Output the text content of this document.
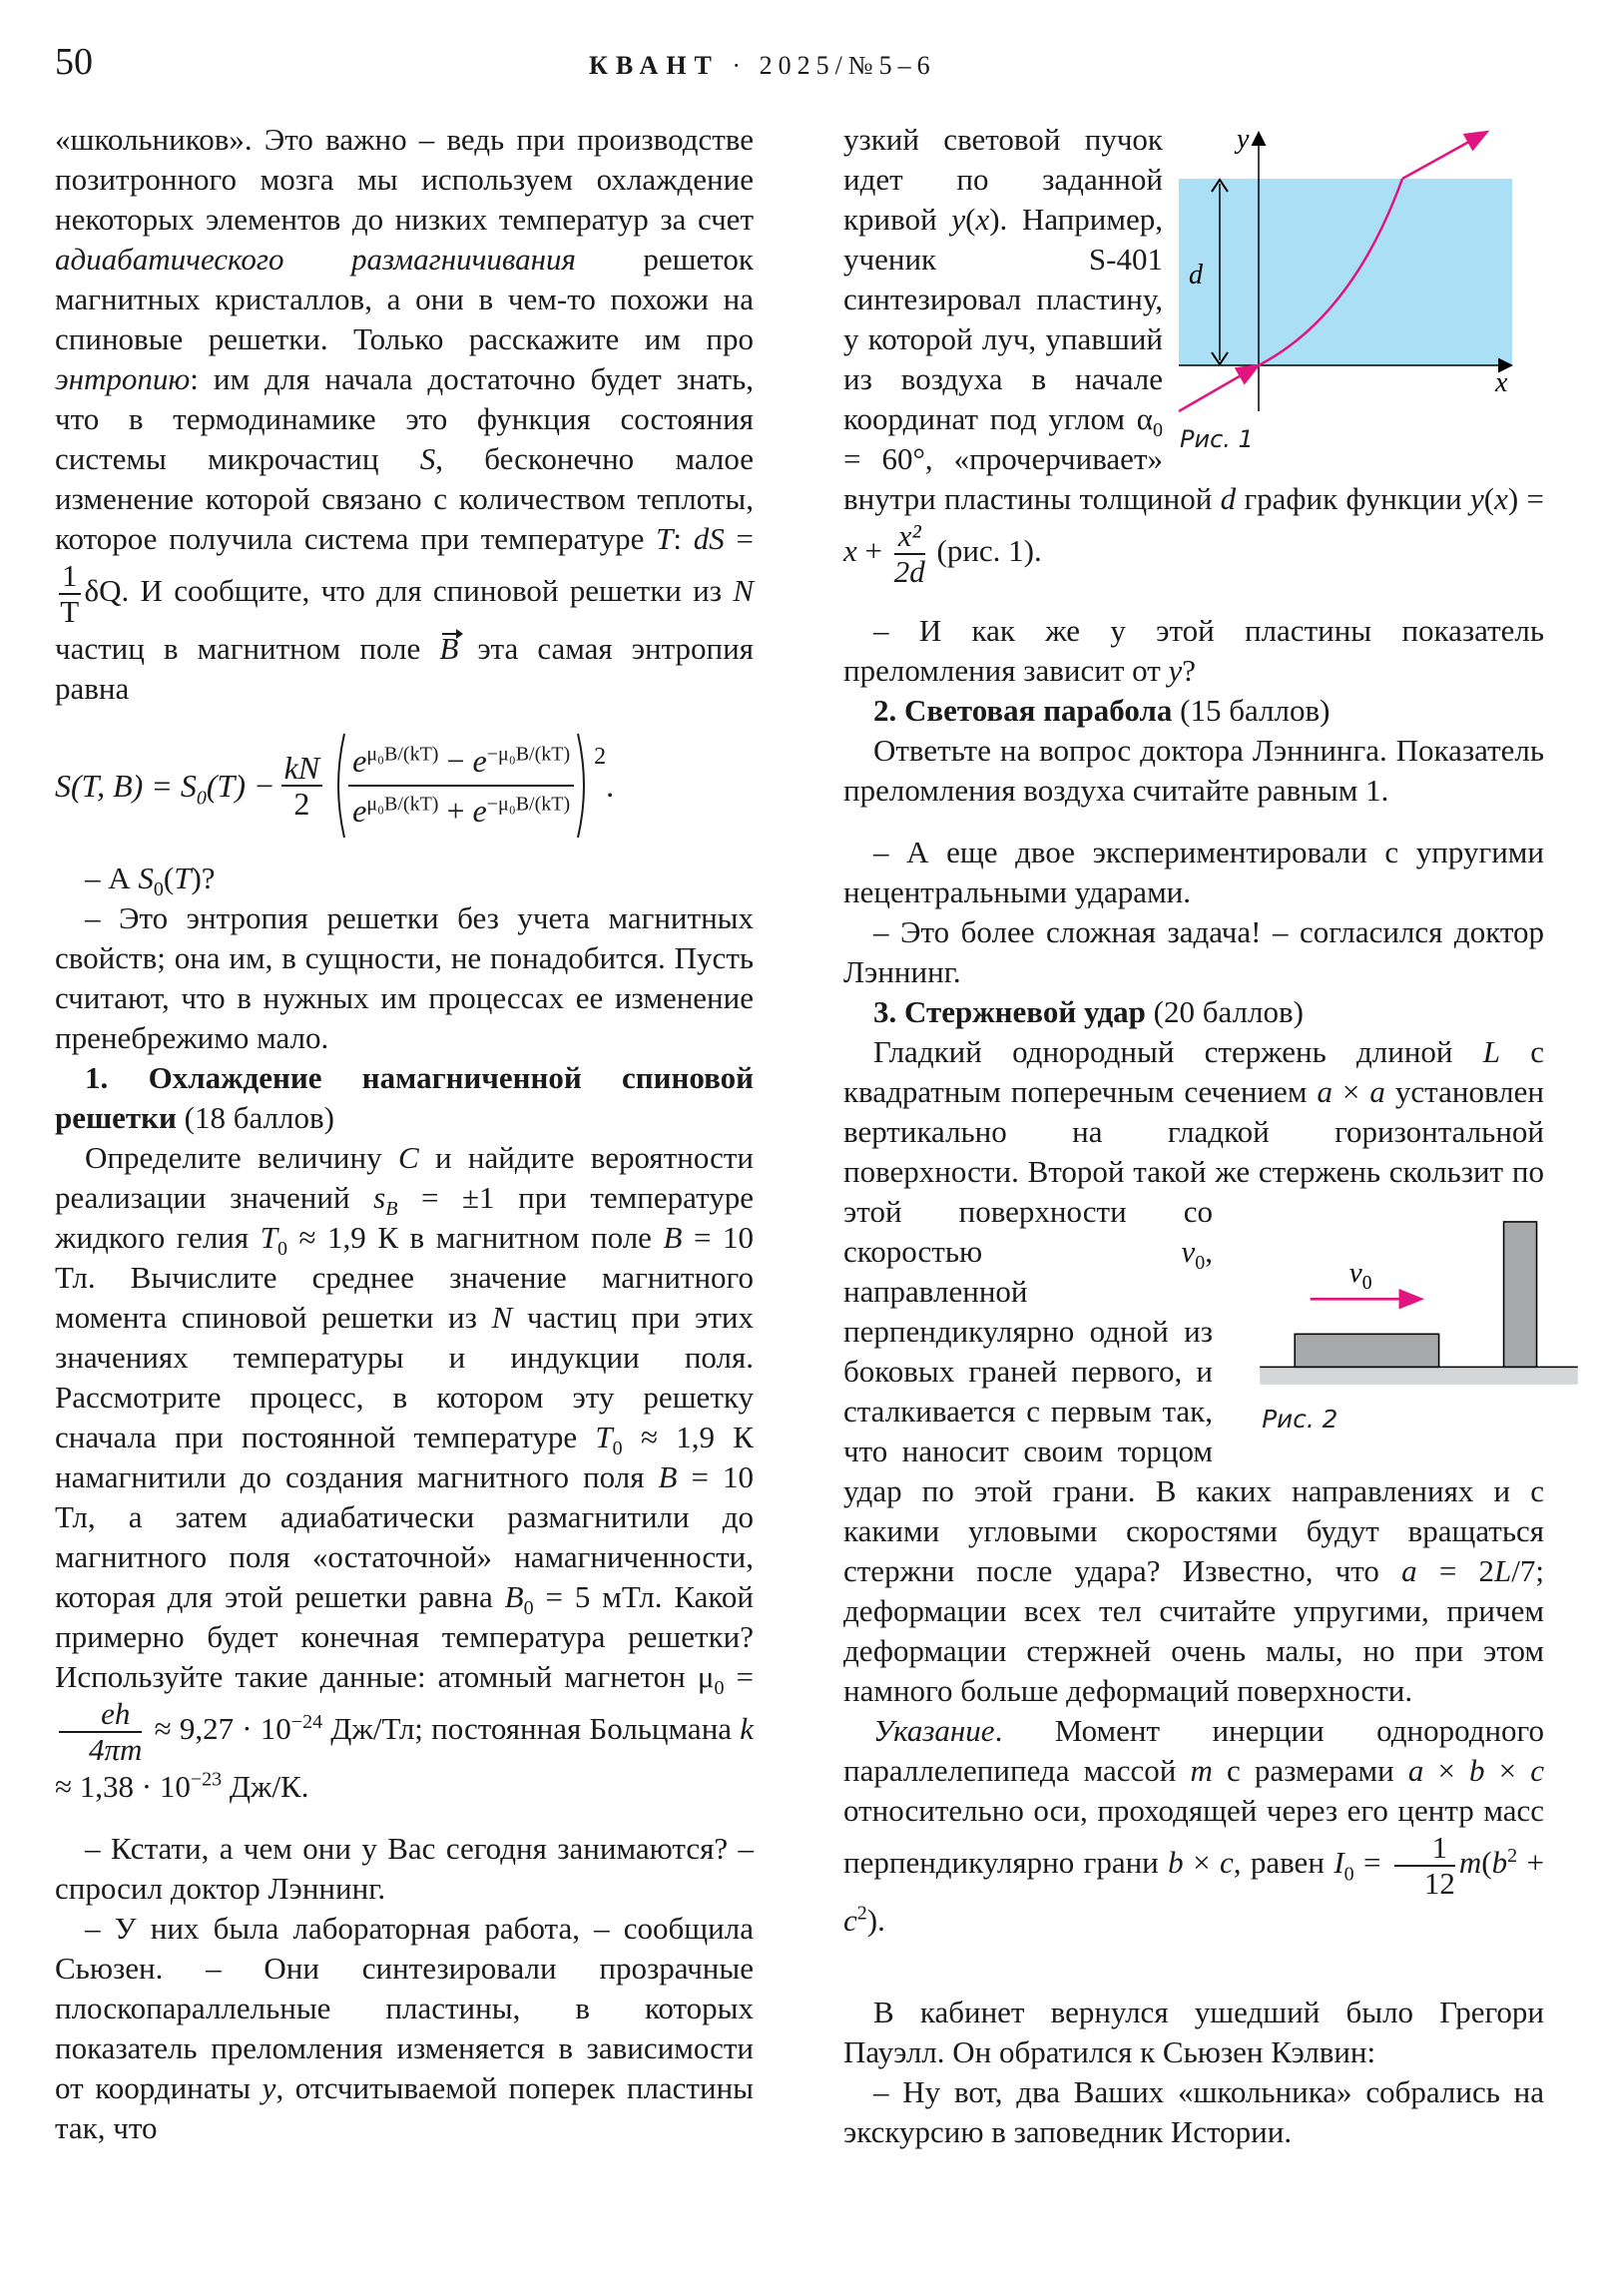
50	КВАНТ · 2025/№5–6

«школьников». Это важно – ведь при производстве позитронного мозга мы используем охлаждение некоторых элементов до низких температур за счет адиабатического размагничивания решеток магнитных кристаллов, а они в чем-то похожи на спиновые решетки. Только расскажите им про энтропию: им для начала достаточно будет знать, что в термодинамике это функция состояния системы микрочастиц S, бесконечно малое изменение которой связано с количеством теплоты, которое получила система при температуре T: dS =
$\frac{1}{T} \delta Q$. И сообщите, что для спиновой решетки из N частиц в магнитном поле B эта самая энтропия равна

S(T, $B) = S_0(T) - \frac{kN}{2} e^{\mu_0B/(kT)} - e^{-\mu_0B/(kT)}$
$e^{\mu_0B/(kT)} + e^{-\mu_0B/(kT)}$
$^2$
.

– А $S_0(T)$?

– Это энтропия решетки без учета магнитных свойств; она им, в сущности, не понадобится. Пусть считают, что в нужных им процессах ее изменение пренебрежимо мало.

1. Охлаждение намагниченной спиновой решетки (18 баллов)

Определите величину C и найдите вероятности реализации значений $s_B = \pm 1$ при температуре жидкого гелия $T_0 \approx 1,9$ К в магнитном поле B = 10 Тл. Вычислите среднее значение магнитного момента спиновой решетки из N частиц при этих значениях температуры и индукции поля. Рассмотрите процесс, в котором эту решетку сначала при постоянной температуре $T_0 \approx 1,9$ К намагнитили до создания магнитного поля B = 10 Тл, а затем адиабатически размагнитили до магнитного поля «остаточной» намагниченности, которая для этой решетки равна $B_0 = 5$ мТл. Какой примерно будет конечная температура решетки? Используйте такие данные: атомный магнетон $\mu_0$ =
$\frac{eh}{4\pi m} \approx 9,27 \cdot 10^{-24}$ Дж/Тл; постоянная Больцмана $k \approx 1,38 \cdot 10^{-23}$ Дж/К.

– Кстати, а чем они у Вас сегодня занимаются? – спросил доктор Лэннинг.

– У них была лабораторная работа, – сообщила Сьюзен. – Они синтезировали прозрачные плоскопараллельные пластины, в которых показатель преломления изменяется в зависимости от координаты y, отсчитываемой поперек пластины так, что

y
x
d
Рис. 1
узкий световой пучок идет по заданной кривой y(x). Например, ученик S-401 синтезировал пластину, у которой луч, упавший из воздуха в начале координат под углом $\alpha_0 = 60^\circ$, «прочерчивает» внутри пластины толщиной d график функции $y(x) = x + \frac{\text{x²}}{2d} (рис$. 1).

– И как же у этой пластины показатель преломления зависит от y?

2. Световая парабола (15 баллов)

Ответьте на вопрос доктора Лэннинга. Показатель преломления воздуха считайте равным 1.

– А еще двое экспериментировали с упругими нецентральными ударами.

– Это более сложная задача! – согласился доктор Лэннинг.

3. Стержневой удар (20 баллов)

Гладкий однородный стержень длиной L с квадратным поперечным сечением a × a установлен вертикально на гладкой горизонтальной поверхности. Второй такой же стер
$v_0$
Рис. 2
жень скользит по этой поверхности со скоростью $v_0$, направленной перпендикулярно одной из боковых граней первого, и сталкивается с первым так, что наносит своим торцом удар по этой грани. В каких направлениях и с какими угловыми скоростями будут вращаться стержни после удара? Известно, что a = 2L/7; деформации всех тел считайте упругими, причем деформации стержней очень малы, но при этом намного больше деформаций поверхности.

Указание. Момент инерции однородного параллелепипеда массой m с размерами a × b × c относительно оси, проходящей через его центр масс перпендикулярно грани b × c, равен $I_0 = \frac{1}{12} m(b^2 + c^2)$.

В кабинет вернулся ушедший было Грегори Пауэлл. Он обратился к Сьюзен Кэлвин:

– Ну вот, два Ваших «школьника» собрались на экскурсию в заповедник Истории.
